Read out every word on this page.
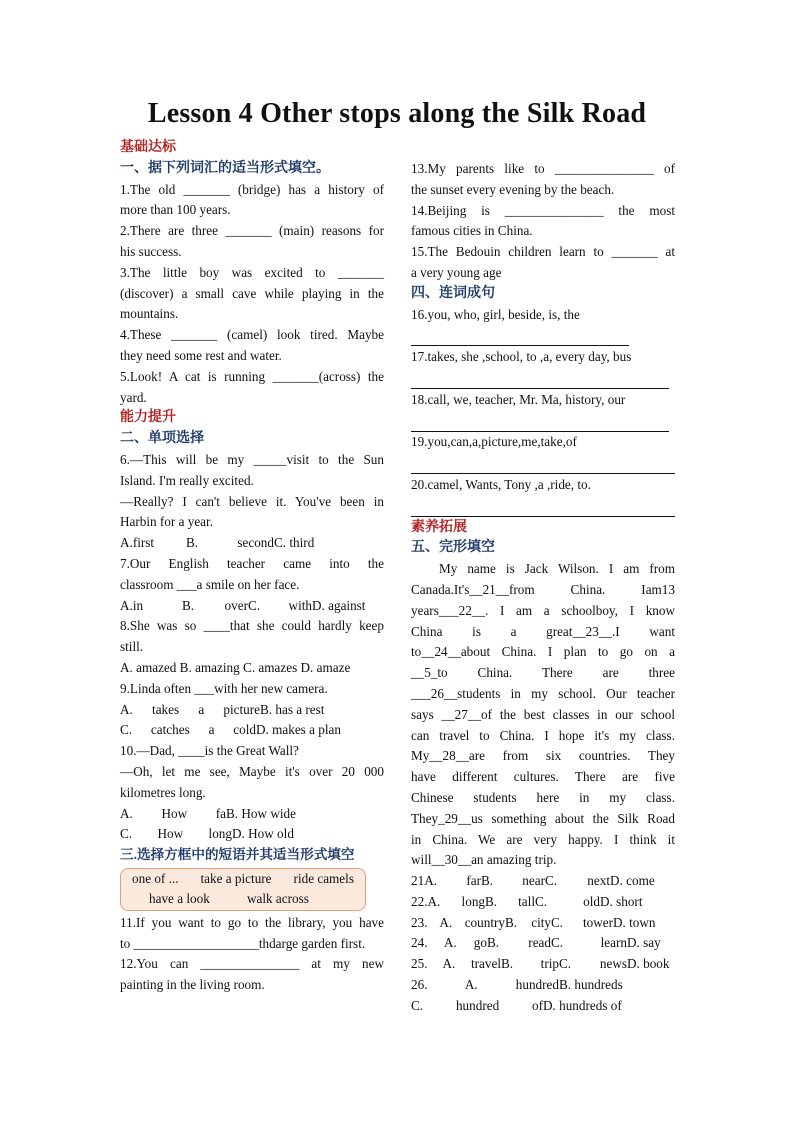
Lesson 4 Other stops along the Silk Road
基础达标
一、据下列词汇的适当形式填空。
1.The old _______ (bridge) has a history of
more than 100 years.
2.There are three _______ (main) reasons for
his success.
3.The little boy was excited to _______
(discover) a small cave while playing in the
mountains.
4.These _______ (camel) look tired. Maybe
they need some rest and water.
5.Look! A cat is running _______(across) the
yard.
能力提升
二、单项选择
6.—This will be my _____visit to the Sun
Island. I'm really excited.
—Really? I can't believe it. You've been in
Harbin for a year.
A.first	B. second C. third
7.Our English teacher came into the
classroom ___a smile on her face.
A.in	B. over C. with D. against
8.She was so ____that she could hardly keep
still.
A. amazed B. amazing C. amazes D. amaze
9.Linda often ___with her new camera.
A. takes a picture B. has a rest
C. catches a cold D. makes a plan
10.—Dad, ____is the Great Wall?
—Oh, let me see, Maybe it's over 20 000
kilometres long.
A. How fa B. How wide
C. How long D. How old
三.选择方框中的短语并其适当形式填空
one of ... take a picture ride camels
have a look	walk across
11.If you want to go to the library, you have
to ___________________thdarge garden first.
12.You can _______________ at my new
painting in the living room.
13.My parents like to _______________ of
the sunset every evening by the beach.
14.Beijing is _______________ the most
famous cities in China.
15.The Bedouin children learn to _______ at
a very young age
四、连词成句
16.you, who, girl, beside, is, the
17.takes, she ,school, to ,a, every day, bus
18.call, we, teacher, Mr. Ma, history, our
19.you,can,a,picture,me,take,of
20.camel, Wants, Tony ,a ,ride, to.
素养拓展
五、完形填空
My name is Jack Wilson. I am from
Canada.It's__21__from China. Iam13
years___22__. I am a schoolboy, I know
China is a great__23__.I want
to__24__about China. I plan to go on a
__5_to China. There are three
___26__students in my school. Our teacher
says __27__of the best classes in our school
can travel to China. I hope it's my class.
My__28__are from six countries. They
have different cultures. There are five
Chinese students here in my class.
They_29__us something about the Silk Road
in China. We are very happy. I think it
will__30__an amazing trip.
21A. far B. near C. next D. come
22.A. long B. tall C. old D. short
23. A. country B. city C. tower D. town
24. A. go B. read C. learn D. say
25. A. travel B. trip C. news D. book
26. A. hundred B. hundreds
C. hundred of D. hundreds of
